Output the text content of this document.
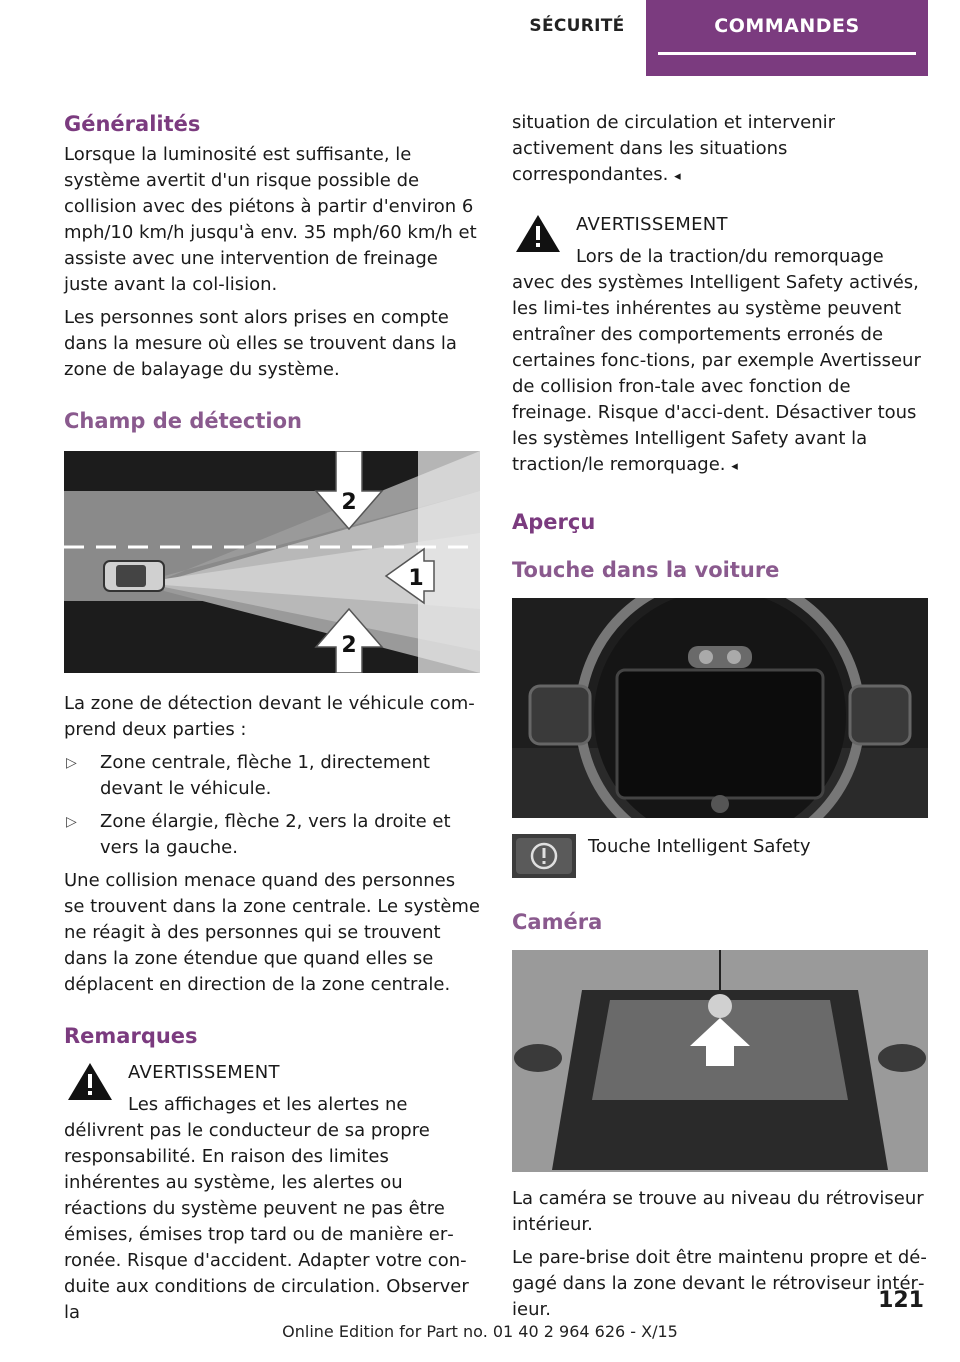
SÉCURITÉ	COMMANDES
Généralités

Lorsque la luminosité est suffisante, le système avertit d'un risque possible de collision avec des piétons à partir d'environ 6 mph/10 km/h jusqu'à env. 35 mph/60 km/h et assiste avec une intervention de freinage juste avant la col‐lision.

Les personnes sont alors prises en compte dans la mesure où elles se trouvent dans la zone de balayage du système.

Champ de détection
2
1
2

La zone de détection devant le véhicule com‐prend deux parties :

▷ Zone centrale, flèche 1, directement devant le véhicule.
▷ Zone élargie, flèche 2, vers la droite et vers la gauche.

Une collision menace quand des personnes se trouvent dans la zone centrale. Le système ne réagit à des personnes qui se trouvent dans la zone étendue que quand elles se déplacent en direction de la zone centrale.

Remarques
AVERTISSEMENT
Les affichages et les alertes ne délivrent pas le conducteur de sa propre responsabilité. En raison des limites inhérentes au système, les alertes ou réactions du système peuvent ne pas être émises, émises trop tard ou de manière er‐ronée. Risque d'accident. Adapter votre con‐duite aux conditions de circulation. Observer la

situation de circulation et intervenir activement dans les situations correspondantes. ◂

AVERTISSEMENT
Lors de la traction/du remorquage avec des systèmes Intelligent Safety activés, les limi‐tes inhérentes au système peuvent entraîner des comportements erronés de certaines fonc‐tions, par exemple Avertisseur de collision fron‐tale avec fonction de freinage. Risque d'acci‐dent. Désactiver tous les systèmes Intelligent Safety avant la traction/le remorquage. ◂
Aperçu
Touche dans la voiture
Touche Intelligent Safety
Caméra

La caméra se trouve au niveau du rétroviseur intérieur.

Le pare-brise doit être maintenu propre et dé‐gagé dans la zone devant le rétroviseur intér‐ieur.	121
Online Edition for Part no. 01 40 2 964 626 - X/15
